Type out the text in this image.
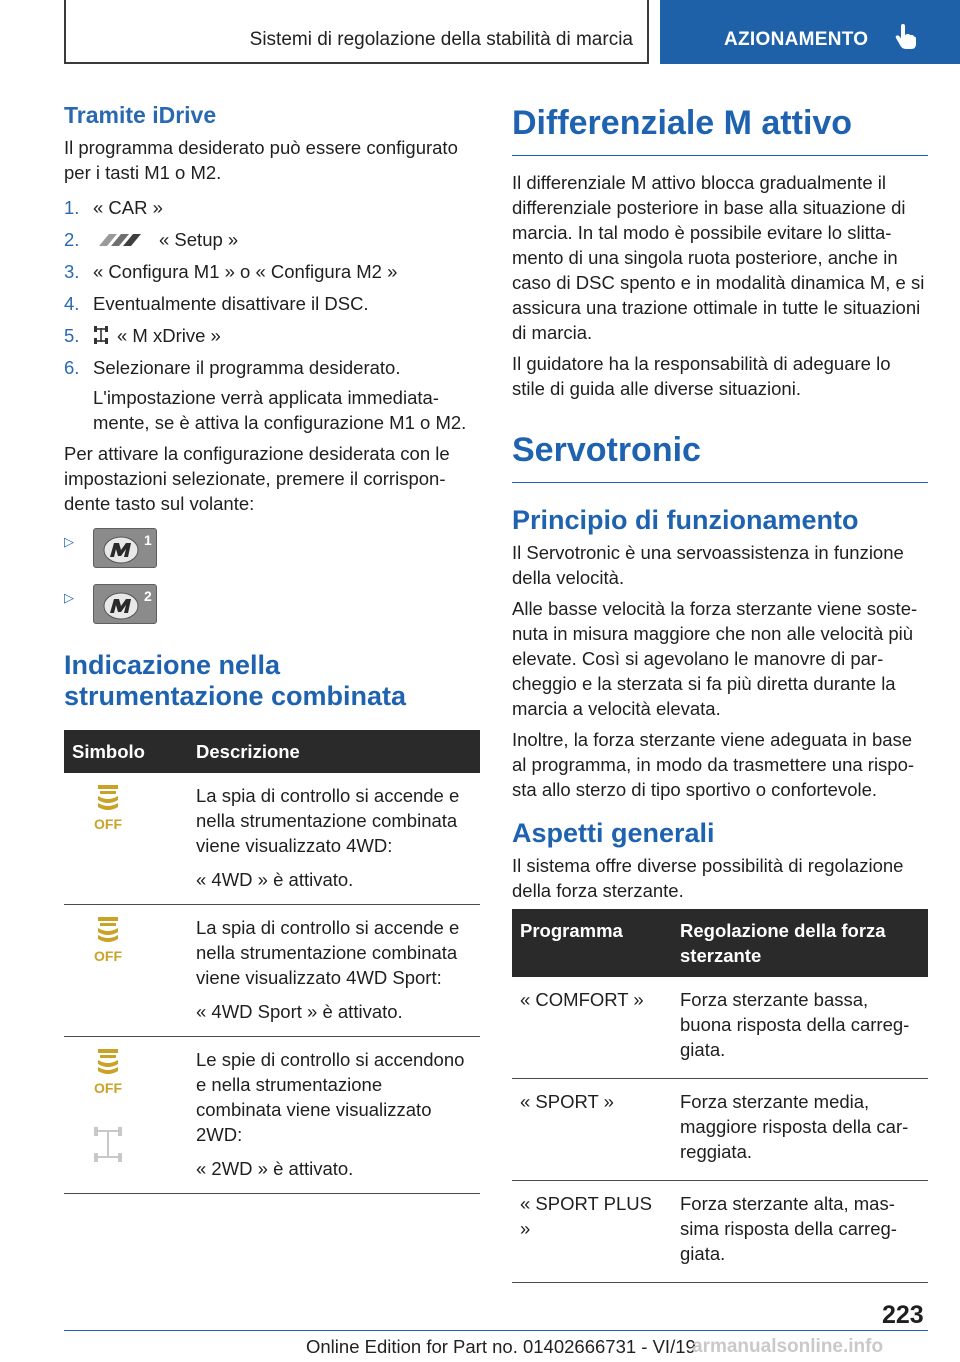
Sistemi di regolazione della stabilità di marcia	AZIONAMENTO
Tramite iDrive

Il programma desiderato può essere configurato per i tasti M1 o M2.

1. « CAR »
2.	« Setup »
3. « Configura M1 » o « Configura M2 »
4. Eventualmente disattivare il DSC.
5.	« M xDrive »
6. Selezionare il programma desiderato.

L'impostazione verrà applicata immediatamente, se è attiva la configurazione M1 o M2.

Per attivare la configurazione desiderata con le impostazioni selezionate, premere il corrispondente tasto sul volante:

▷	1
▷	2
Indicazione nella strumentazione combinata
Simbolo	Descrizione

OFF	La spia di controllo si accende e nella strumentazione combinata viene visualizzato 4WD:

« 4WD » è attivato.

OFF	La spia di controllo si accende e nella strumentazione combinata viene visualizzato 4WD Sport:

« 4WD Sport » è attivato.

OFF	Le spie di controllo si accendono e nella strumentazione combinata viene visualizzato 2WD:

« 2WD » è attivato.

Differenziale M attivo

Il differenziale M attivo blocca gradualmente il differenziale posteriore in base alla situazione di marcia. In tal modo è possibile evitare lo slittamento di una singola ruota posteriore, anche in caso di DSC spento e in modalità dinamica M, e si assicura una trazione ottimale in tutte le situazioni di marcia.

Il guidatore ha la responsabilità di adeguare lo stile di guida alle diverse situazioni.

Servotronic
Principio di funzionamento

Il Servotronic è una servoassistenza in funzione della velocità.

Alle basse velocità la forza sterzante viene sostenuta in misura maggiore che non alle velocità più elevate. Così si agevolano le manovre di parcheggio e la sterzata si fa più diretta durante la marcia a velocità elevata.

Inoltre, la forza sterzante viene adeguata in base al programma, in modo da trasmettere una risposta allo sterzo di tipo sportivo o confortevole.

Aspetti generali

Il sistema offre diverse possibilità di regolazione della forza sterzante.

Programma	Regolazione della forza sterzante
« COMFORT »	Forza sterzante bassa, buona risposta della carreggiata.
« SPORT »	Forza sterzante media, maggiore risposta della carreggiata.
« SPORT PLUS »	Forza sterzante alta, massima risposta della carreggiata.
223
Online Edition for Part no. 01402666731 - VI/19
armanualsonline.info
